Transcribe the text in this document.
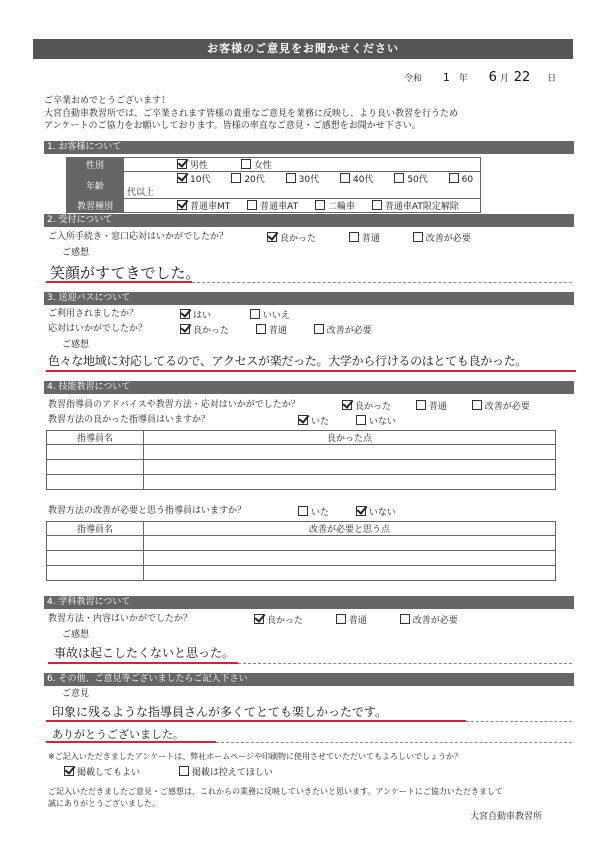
お客様のご意見をお聞かせください
令和 1 年 6 月 22 日
ご卒業おめでとうございます！
大宮自動車教習所では、ご卒業されます皆様の貴重なご意見を業務に反映し、より良い教習を行うため
アンケートのご協力をお願いしております。皆様の率直なご意見・ご感想をお聞かせ下さい。
1. お客様について
性別	男性 女性
年齢	10代 20代 30代 40代 50代 60代以上
教習種別	普通車MT 普通車AT 二輪車 普通車AT限定解除
2. 受付について
ご入所手続き・窓口応対はいかがでしたか？	良かった	普通	改善が必要
ご感想
笑顔がすてきでした。
3. 送迎バスについて
ご利用されましたか？	はい	いいえ
応対はいかがでしたか？	良かった	普通	改善が必要
ご感想
色々な地域に対応してるので、アクセスが楽だった。大学から行けるのはとても良かった。
4. 技能教習について
教習指導員のアドバイスや教習方法・応対はいかがでしたか？	良かった	普通	改善が必要
教習方法の良かった指導員はいますか？	いた	いない
指導員名	良かった点

教習方法の改善が必要と思う指導員はいますか？	いた	いない
指導員名	改善が必要と思う点

4. 学科教習について
教習方法・内容はいかがでしたか？	良かった	普通	改善が必要
ご感想
事故は起こしたくないと思った。
6. その他、ご意見等ございましたらご記入下さい
ご意見
印象に残るような指導員さんが多くてとても楽しかったです。
ありがとうございました。
※ご記入いただきましたアンケートは、弊社ホームページや印刷物に使用させていただいてもよろしいでしょうか？
掲載してもよい	掲載は控えてほしい
ご記入いただきましたご意見・ご感想は、これからの業務に反映していきたいと思います。アンケートにご協力いただきまして
誠にありがとうございました。
大宮自動車教習所
